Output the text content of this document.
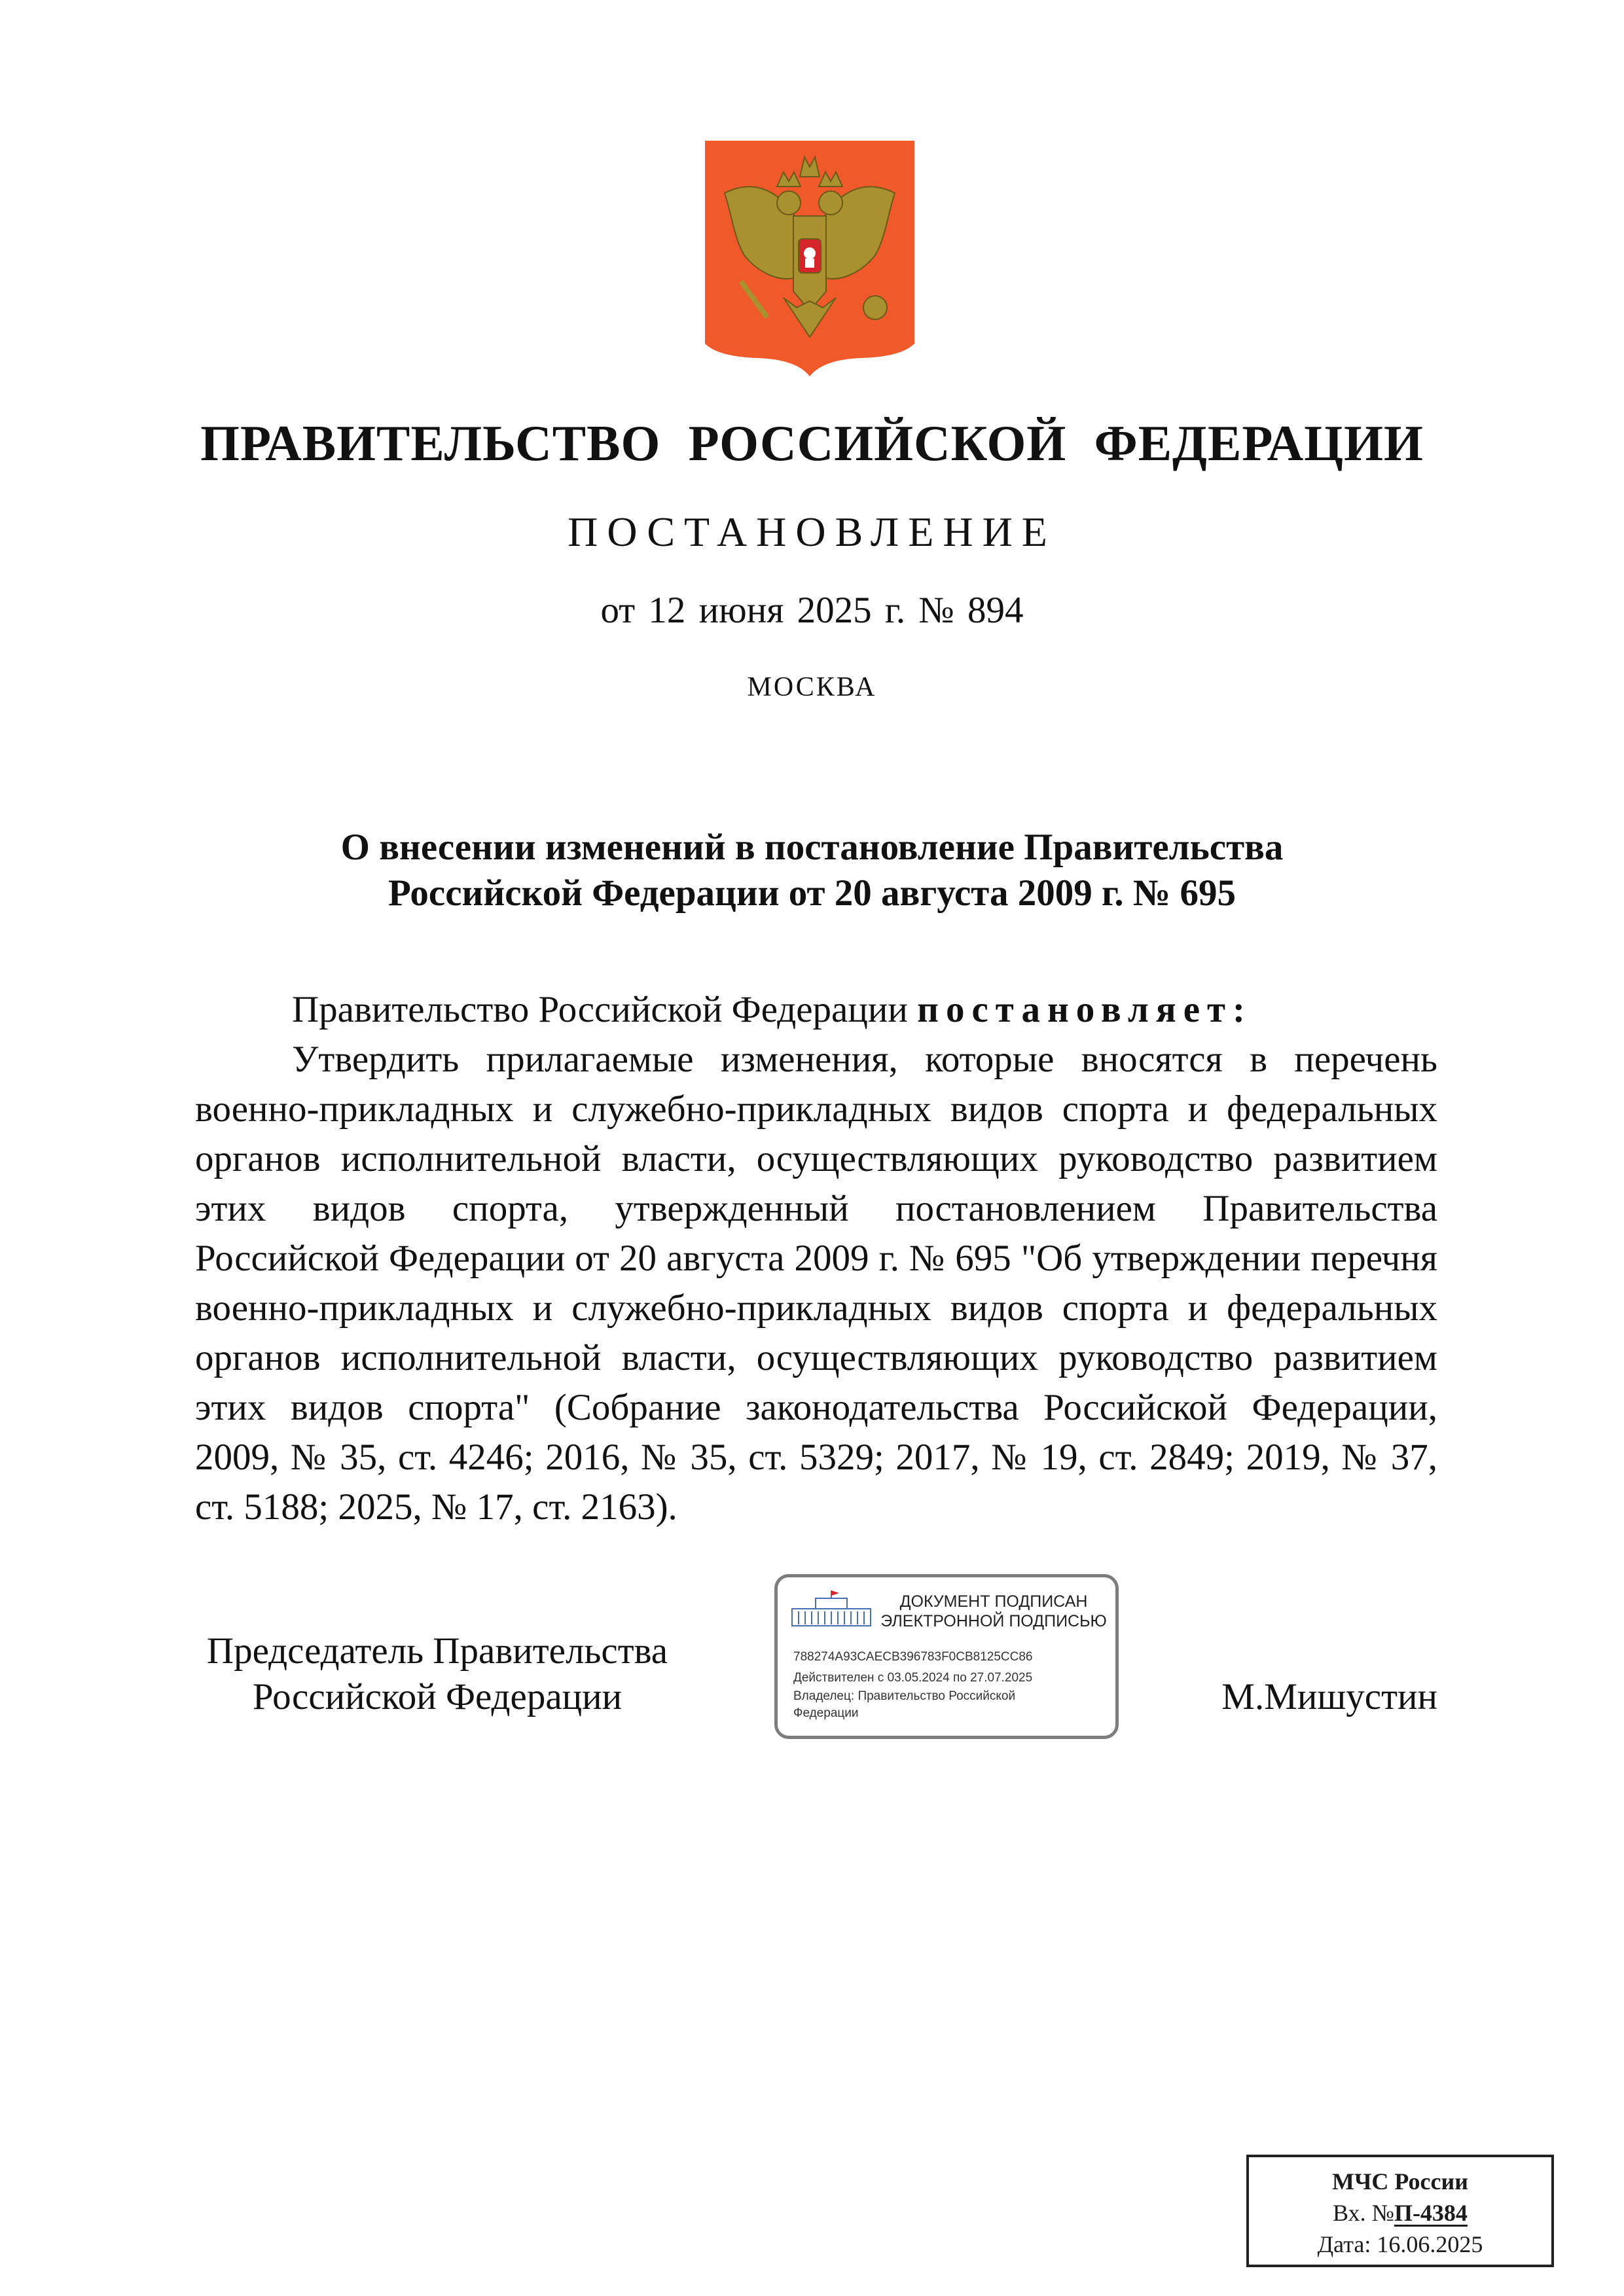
ПРАВИТЕЛЬСТВО РОССИЙСКОЙ ФЕДЕРАЦИИ
ПОСТАНОВЛЕНИЕ
от 12 июня 2025 г. № 894
МОСКВА
О внесении изменений в постановление Правительства
Российской Федерации от 20 августа 2009 г. № 695

Правительство Российской Федерации постановляет:

Утвердить прилагаемые изменения, которые вносятся в перечень военно-прикладных и служебно-прикладных видов спорта и федеральных органов исполнительной власти, осуществляющих руководство развитием этих видов спорта, утвержденный постановлением Правительства Российской Федерации от 20 августа 2009 г. № 695 "Об утверждении перечня военно-прикладных и служебно-прикладных видов спорта и федеральных органов исполнительной власти, осуществляющих руководство развитием этих видов спорта" (Собрание законодательства Российской Федерации, 2009, № 35, ст. 4246; 2016, № 35, ст. 5329; 2017, № 19, ст. 2849; 2019, № 37, ст. 5188; 2025, № 17, ст. 2163).

Председатель Правительства
Российской Федерации
ДОКУМЕНТ ПОДПИСАН
ЭЛЕКТРОННОЙ ПОДПИСЬЮ
788274A93CAECB396783F0CB8125CC86
Действителен с 03.05.2024 по 27.07.2025
Владелец: Правительство Российской
Федерации	М.Мишустин
МЧС России
Вх. №П-4384
Дата: 16.06.2025
